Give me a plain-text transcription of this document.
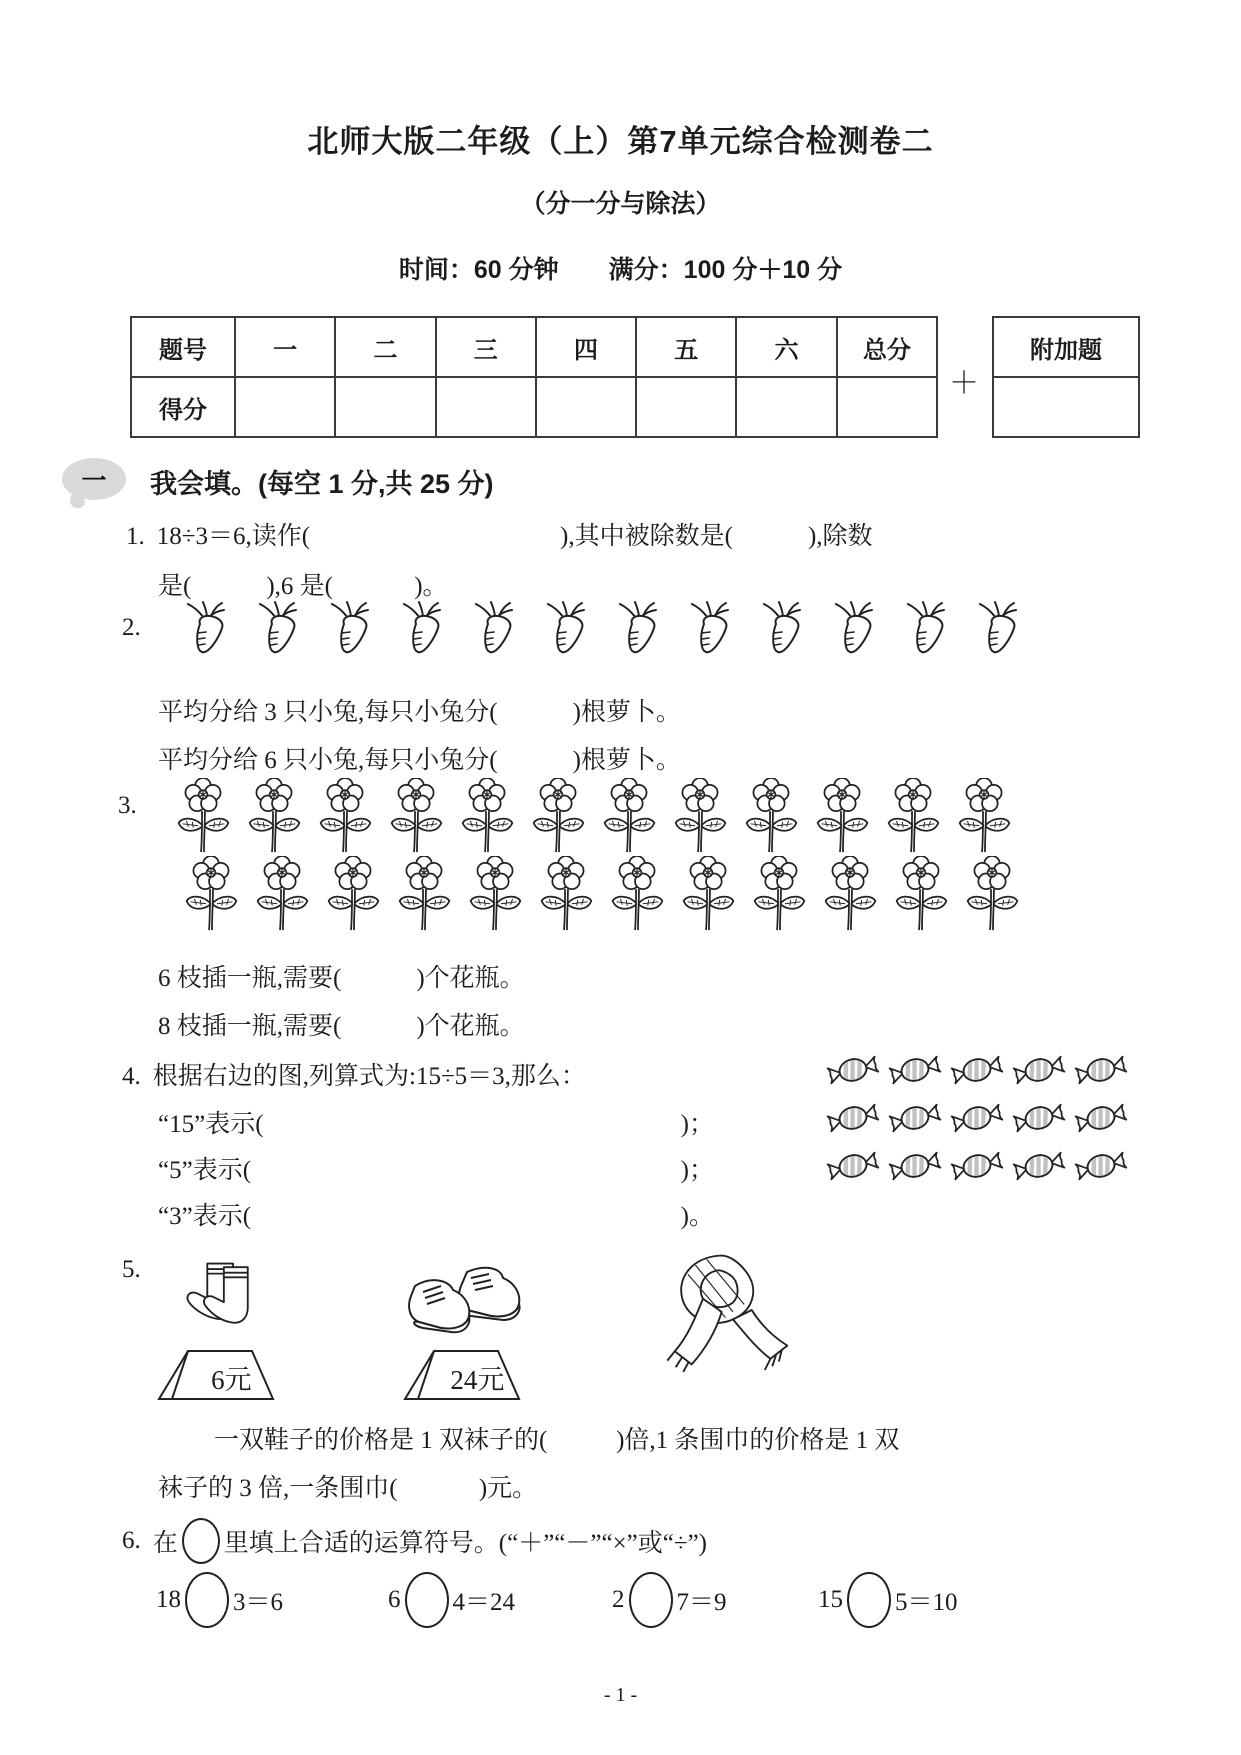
北师大版二年级（上）第7单元综合检测卷二
（分一分与除法）
时间：60 分钟　　满分：100 分＋10 分
题号	一	二	三	四	五	六	总分
得分							
＋
附加题

一	我会填。(每空 1 分,共 25 分)
1. 18÷3＝6,读作(                                        ),其中被除数是(            ),除数
是(            ),6 是(             )。
2.
平均分给 3 只小兔,每只小兔分(            )根萝卜。
平均分给 6 只小兔,每只小兔分(            )根萝卜。
3.
6 枝插一瓶,需要(            )个花瓶。
8 枝插一瓶,需要(            )个花瓶。
4. 根据右边的图,列算式为:15÷5＝3,那么：
“15”表示(	)；
“5”表示(	)；
“3”表示(	)。
5.
6元	24元
一双鞋子的价格是 1 双袜子的(           )倍,1 条围巾的价格是 1 双
袜子的 3 倍,一条围巾(             )元。
6. 在 里填上合适的运算符号。(“＋”“－”“×”或“÷”)
18 3＝6	6 4＝24	2 7＝9	15 5＝10
- 1 -
